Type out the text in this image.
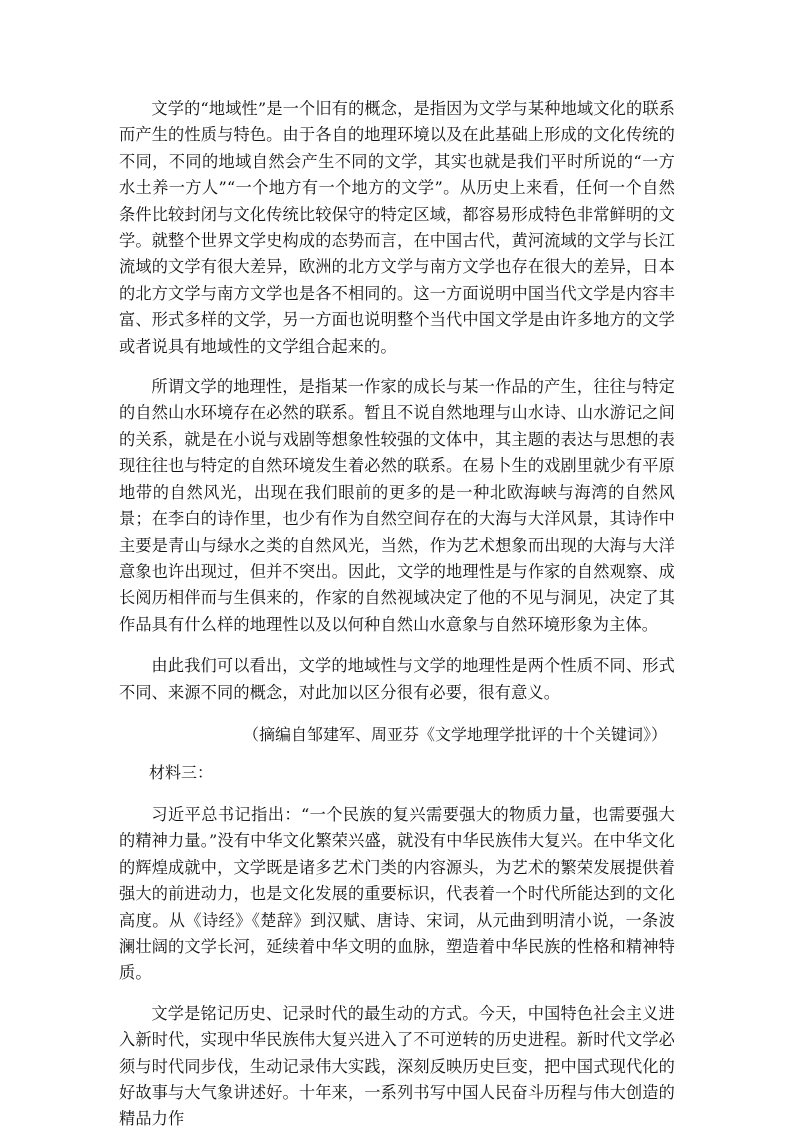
文学的“地域性”是一个旧有的概念，是指因为文学与某种地域文化的联系而产生的性质与特色。由于各自的地理环境以及在此基础上形成的文化传统的不同，不同的地域自然会产生不同的文学，其实也就是我们平时所说的“一方水土养一方人”“一个地方有一个地方的文学”。从历史上来看，任何一个自然条件比较封闭与文化传统比较保守的特定区域，都容易形成特色非常鲜明的文学。就整个世界文学史构成的态势而言，在中国古代，黄河流域的文学与长江流域的文学有很大差异，欧洲的北方文学与南方文学也存在很大的差异，日本的北方文学与南方文学也是各不相同的。这一方面说明中国当代文学是内容丰富、形式多样的文学，另一方面也说明整个当代中国文学是由许多地方的文学或者说具有地域性的文学组合起来的。

所谓文学的地理性，是指某一作家的成长与某一作品的产生，往往与特定的自然山水环境存在必然的联系。暂且不说自然地理与山水诗、山水游记之间的关系，就是在小说与戏剧等想象性较强的文体中，其主题的表达与思想的表现往往也与特定的自然环境发生着必然的联系。在易卜生的戏剧里就少有平原地带的自然风光，出现在我们眼前的更多的是一种北欧海峡与海湾的自然风景；在李白的诗作里，也少有作为自然空间存在的大海与大洋风景，其诗作中主要是青山与绿水之类的自然风光，当然，作为艺术想象而出现的大海与大洋意象也许出现过，但并不突出。因此，文学的地理性是与作家的自然观察、成长阅历相伴而与生俱来的，作家的自然视域决定了他的不见与洞见，决定了其作品具有什么样的地理性以及以何种自然山水意象与自然环境形象为主体。

由此我们可以看出，文学的地域性与文学的地理性是两个性质不同、形式不同、来源不同的概念，对此加以区分很有必要，很有意义。

（摘编自邹建军、周亚芬《文学地理学批评的十个关键词》）

材料三：

习近平总书记指出：“一个民族的复兴需要强大的物质力量，也需要强大的精神力量。”没有中华文化繁荣兴盛，就没有中华民族伟大复兴。在中华文化的辉煌成就中，文学既是诸多艺术门类的内容源头，为艺术的繁荣发展提供着强大的前进动力，也是文化发展的重要标识，代表着一个时代所能达到的文化高度。从《诗经》《楚辞》到汉赋、唐诗、宋词，从元曲到明清小说，一条波澜壮阔的文学长河，延续着中华文明的血脉，塑造着中华民族的性格和精神特质。

文学是铭记历史、记录时代的最生动的方式。今天，中国特色社会主义进入新时代，实现中华民族伟大复兴进入了不可逆转的历史进程。新时代文学必须与时代同步伐，生动记录伟大实践，深刻反映历史巨变，把中国式现代化的好故事与大气象讲述好。十年来，一系列书写中国人民奋斗历程与伟大创造的精品力作
